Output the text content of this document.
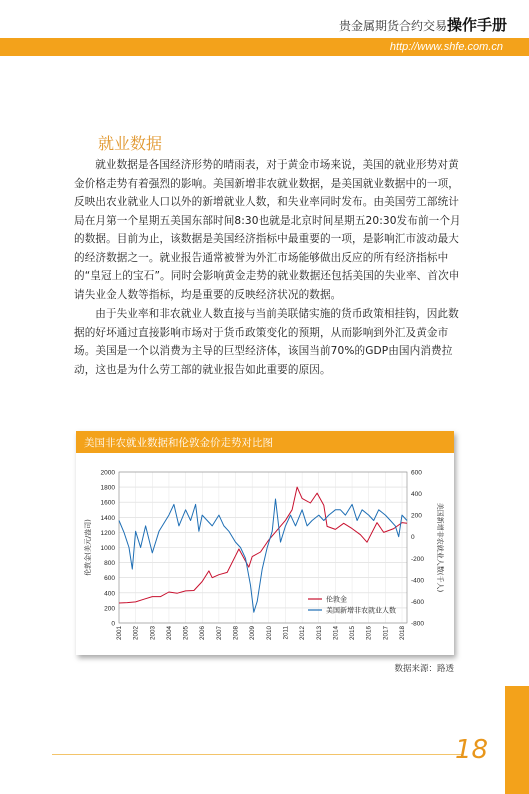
贵金属期货合约交易操作手册
http://www.shfe.com.cn
就业数据

就业数据是各国经济形势的晴雨表，对于黄金市场来说，美国的就业形势对黄金价格走势有着强烈的影响。美国新增非农就业数据，是美国就业数据中的一项，反映出农业就业人口以外的新增就业人数，和失业率同时发布。由美国劳工部统计局在月第一个星期五美国东部时间8:30也就是北京时间星期五20:30发布前一个月的数据。目前为止，该数据是美国经济指标中最重要的一项，是影响汇市波动最大的经济数据之一。就业报告通常被誉为外汇市场能够做出反应的所有经济指标中的“皇冠上的宝石”。同时会影响黄金走势的就业数据还包括美国的失业率、首次申请失业金人数等指标，均是重要的反映经济状况的数据。

由于失业率和非农就业人数直接与当前美联储实施的货币政策相挂钩，因此数据的好坏通过直接影响市场对于货币政策变化的预期，从而影响到外汇及黄金市场。美国是一个以消费为主导的巨型经济体，该国当前70%的GDP由国内消费拉动，这也是为什么劳工部的就业报告如此重要的原因。

美国非农就业数据和伦敦金价走势对比图
0
200
400
600
800
1000
1200
1400
1600
1800
2000
-800
-600
-400
-200
0
200
400
600
2001 2002 2003 2004 2005 2006 2007 2008 2009 2010 2011 2012 2013 2014 2015 2016 2017 2018
伦敦金(美元/盎司)	美国新增非农就业人数(千人)
伦敦金
美国新增非农就业人数
数据来源：路透
18
